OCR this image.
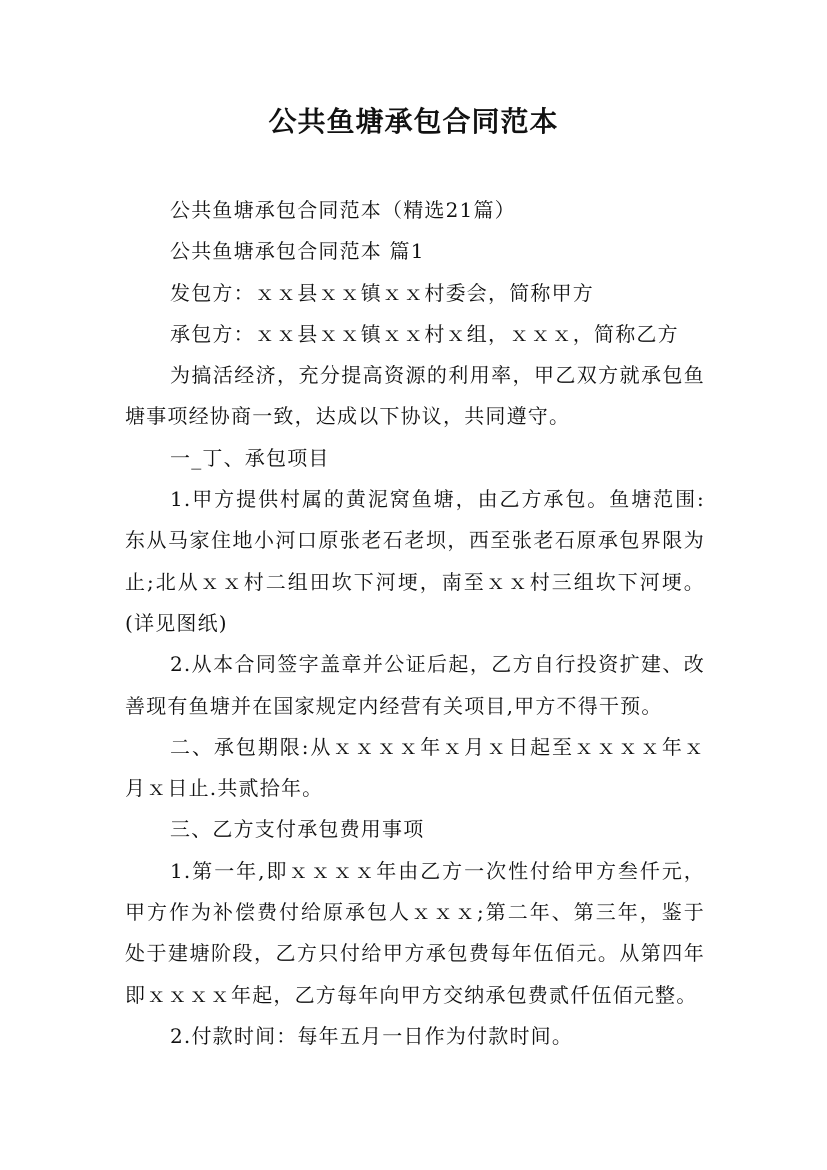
公共鱼塘承包合同范本

公共鱼塘承包合同范本（精选21篇）

公共鱼塘承包合同范本 篇1

发包方：ｘｘ县ｘｘ镇ｘｘ村委会，简称甲方

承包方：ｘｘ县ｘｘ镇ｘｘ村ｘ组，ｘｘｘ，简称乙方

为搞活经济，充分提高资源的利用率，甲乙双方就承包鱼塘事项经协商一致，达成以下协议，共同遵守。

一_丁、承包项目

1.甲方提供村属的黄泥窝鱼塘，由乙方承包。鱼塘范围:东从马家住地小河口原张老石老坝，西至张老石原承包界限为止;北从ｘｘ村二组田坎下河埂，南至ｘｘ村三组坎下河埂。(详见图纸)

2.从本合同签字盖章并公证后起，乙方自行投资扩建、改善现有鱼塘并在国家规定内经营有关项目,甲方不得干预。

二、承包期限:从ｘｘｘｘ年ｘ月ｘ日起至ｘｘｘｘ年ｘ月ｘ日止.共贰拾年。

三、乙方支付承包费用事项

1.第一年,即ｘｘｘｘ年由乙方一次性付给甲方叁仟元，甲方作为补偿费付给原承包人ｘｘｘ;第二年、第三年，鉴于处于建塘阶段，乙方只付给甲方承包费每年伍佰元。从第四年即ｘｘｘｘ年起，乙方每年向甲方交纳承包费贰仟伍佰元整。

2.付款时间：每年五月一日作为付款时间。
